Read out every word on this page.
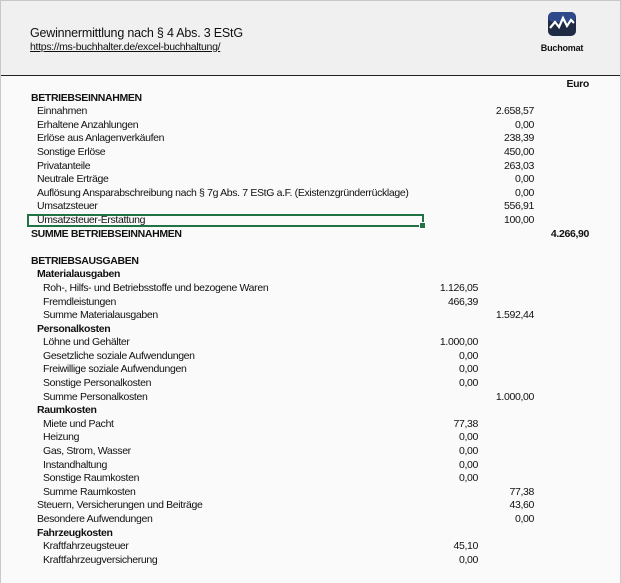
Gewinnermittlung nach § 4 Abs. 3 EStG
https://ms-buchhalter.de/excel-buchhaltung/	Buchomat
Euro
BETRIEBSEINNAHMEN
Einnahmen	2.658,57
Erhaltene Anzahlungen	0,00
Erlöse aus Anlagenverkäufen	238,39
Sonstige Erlöse	450,00
Privatanteile	263,03
Neutrale Erträge	0,00
Auflösung Ansparabschreibung nach § 7g Abs. 7 EStG a.F. (Existenzgründerrücklage)	0,00
Umsatzsteuer	556,91
Umsatzsteuer-Erstattung	100,00
SUMME BETRIEBSEINNAHMEN	4.266,90
BETRIEBSAUSGABEN
Materialausgaben
Roh-, Hilfs- und Betriebsstoffe und bezogene Waren	1.126,05
Fremdleistungen	466,39
Summe Materialausgaben	1.592,44
Personalkosten
Löhne und Gehälter	1.000,00
Gesetzliche soziale Aufwendungen	0,00
Freiwillige soziale Aufwendungen	0,00
Sonstige Personalkosten	0,00
Summe Personalkosten	1.000,00
Raumkosten
Miete und Pacht	77,38
Heizung	0,00
Gas, Strom, Wasser	0,00
Instandhaltung	0,00
Sonstige Raumkosten	0,00
Summe Raumkosten	77,38
Steuern, Versicherungen und Beiträge	43,60
Besondere Aufwendungen	0,00
Fahrzeugkosten
Kraftfahrzeugsteuer	45,10
Kraftfahrzeugversicherung	0,00
